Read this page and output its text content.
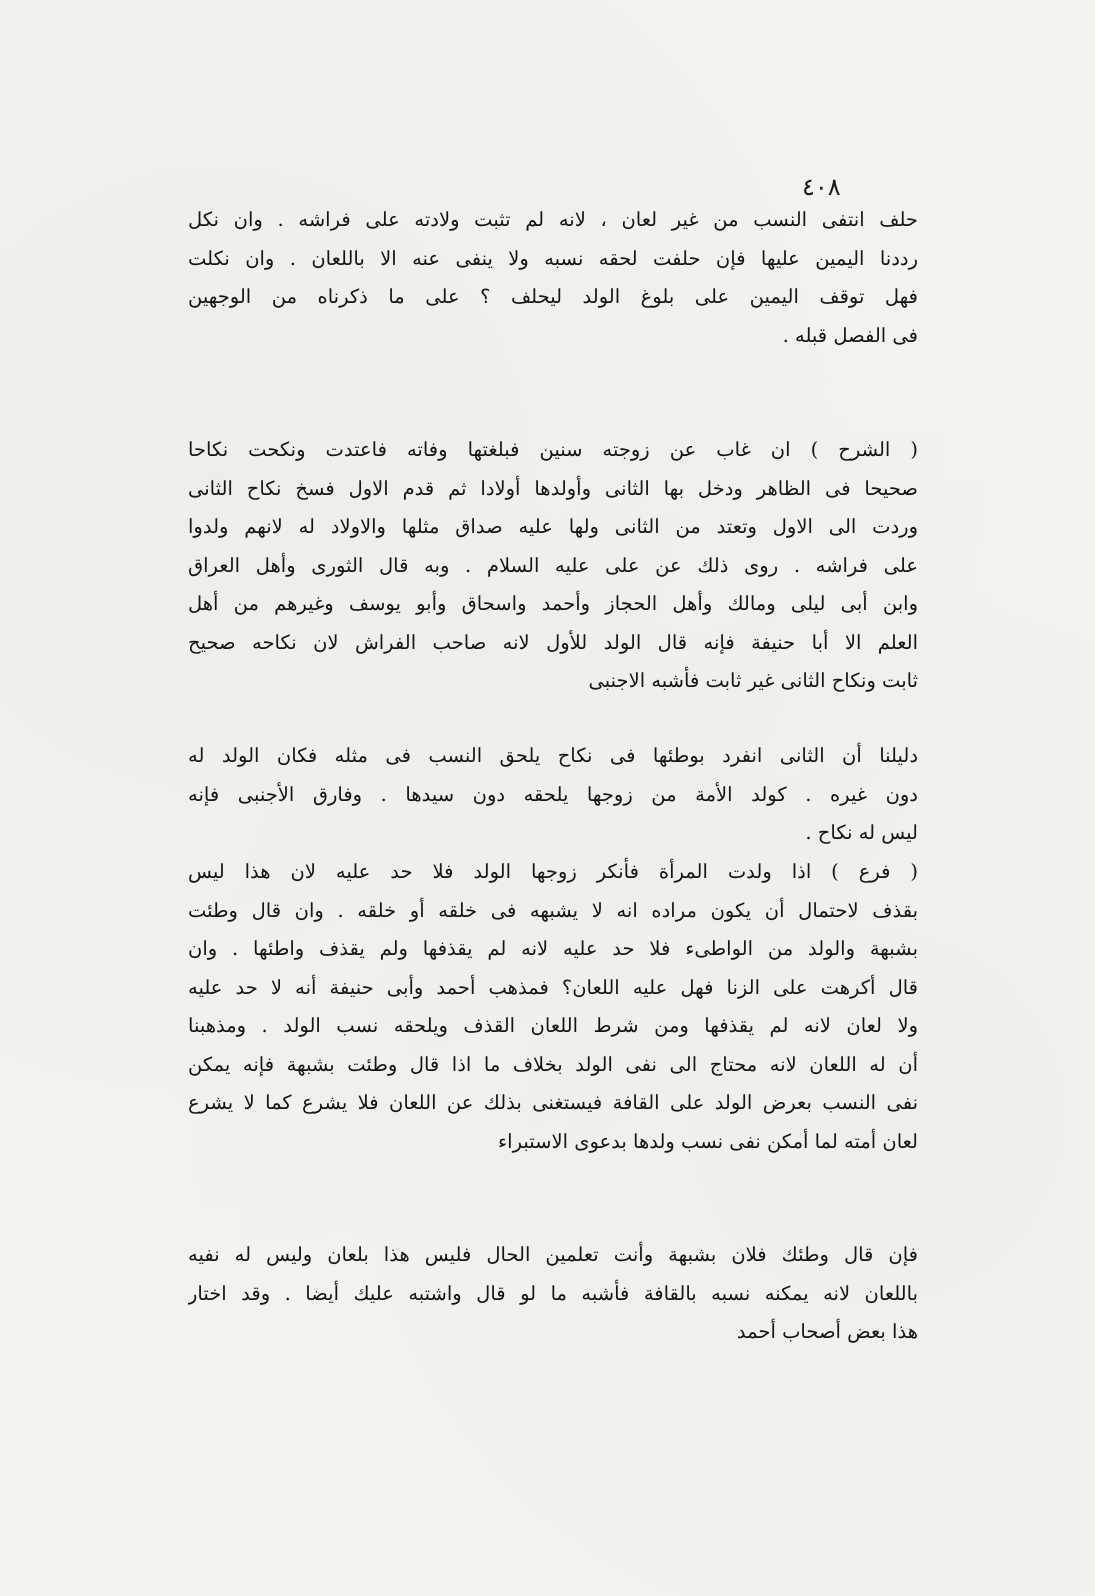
٤٠٨
حلف انتفى النسب من غير لعان ، لانه لم تثبت ولادته على فراشه . وان نكل
رددنا اليمين عليها فإن حلفت لحقه نسبه ولا ينفى عنه الا باللعان . وان نكلت
فهل توقف اليمين على بلوغ الولد ليحلف ؟ على ما ذكرناه من الوجهين
فى الفصل قبله .
( الشرح ) ان غاب عن زوجته سنين فبلغتها وفاته فاعتدت ونكحت نكاحا
صحيحا فى الظاهر ودخل بها الثانى وأولدها أولادا ثم قدم الاول فسخ نكاح الثانى
وردت الى الاول وتعتد من الثانى ولها عليه صداق مثلها والاولاد له لانهم ولدوا
على فراشه . روى ذلك عن على عليه السلام . وبه قال الثورى وأهل العراق
وابن أبى ليلى ومالك وأهل الحجاز وأحمد واسحاق وأبو يوسف وغيرهم من أهل
العلم الا أبا حنيفة فإنه قال الولد للأول لانه صاحب الفراش لان نكاحه صحيح
ثابت ونكاح الثانى غير ثابت فأشبه الاجنبى
دليلنا أن الثانى انفرد بوطئها فى نكاح يلحق النسب فى مثله فكان الولد له
دون غيره . كولد الأمة من زوجها يلحقه دون سيدها . وفارق الأجنبى فإنه
ليس له نكاح .
( فرع ) اذا ولدت المرأة فأنكر زوجها الولد فلا حد عليه لان هذا ليس
بقذف لاحتمال أن يكون مراده انه لا يشبهه فى خلقه أو خلقه . وان قال وطئت
بشبهة والولد من الواطىء فلا حد عليه لانه لم يقذفها ولم يقذف واطئها . وان
قال أكرهت على الزنا فهل عليه اللعان؟ فمذهب أحمد وأبى حنيفة أنه لا حد عليه
ولا لعان لانه لم يقذفها ومن شرط اللعان القذف ويلحقه نسب الولد . ومذهبنا
أن له اللعان لانه محتاج الى نفى الولد بخلاف ما اذا قال وطئت بشبهة فإنه يمكن
نفى النسب بعرض الولد على القافة فيستغنى بذلك عن اللعان فلا يشرع كما لا يشرع
لعان أمته لما أمكن نفى نسب ولدها بدعوى الاستبراء
فإن قال وطئك فلان بشبهة وأنت تعلمين الحال فليس هذا بلعان وليس له نفيه
باللعان لانه يمكنه نسبه بالقافة فأشبه ما لو قال واشتبه عليك أيضا . وقد اختار
هذا بعض أصحاب أحمد
